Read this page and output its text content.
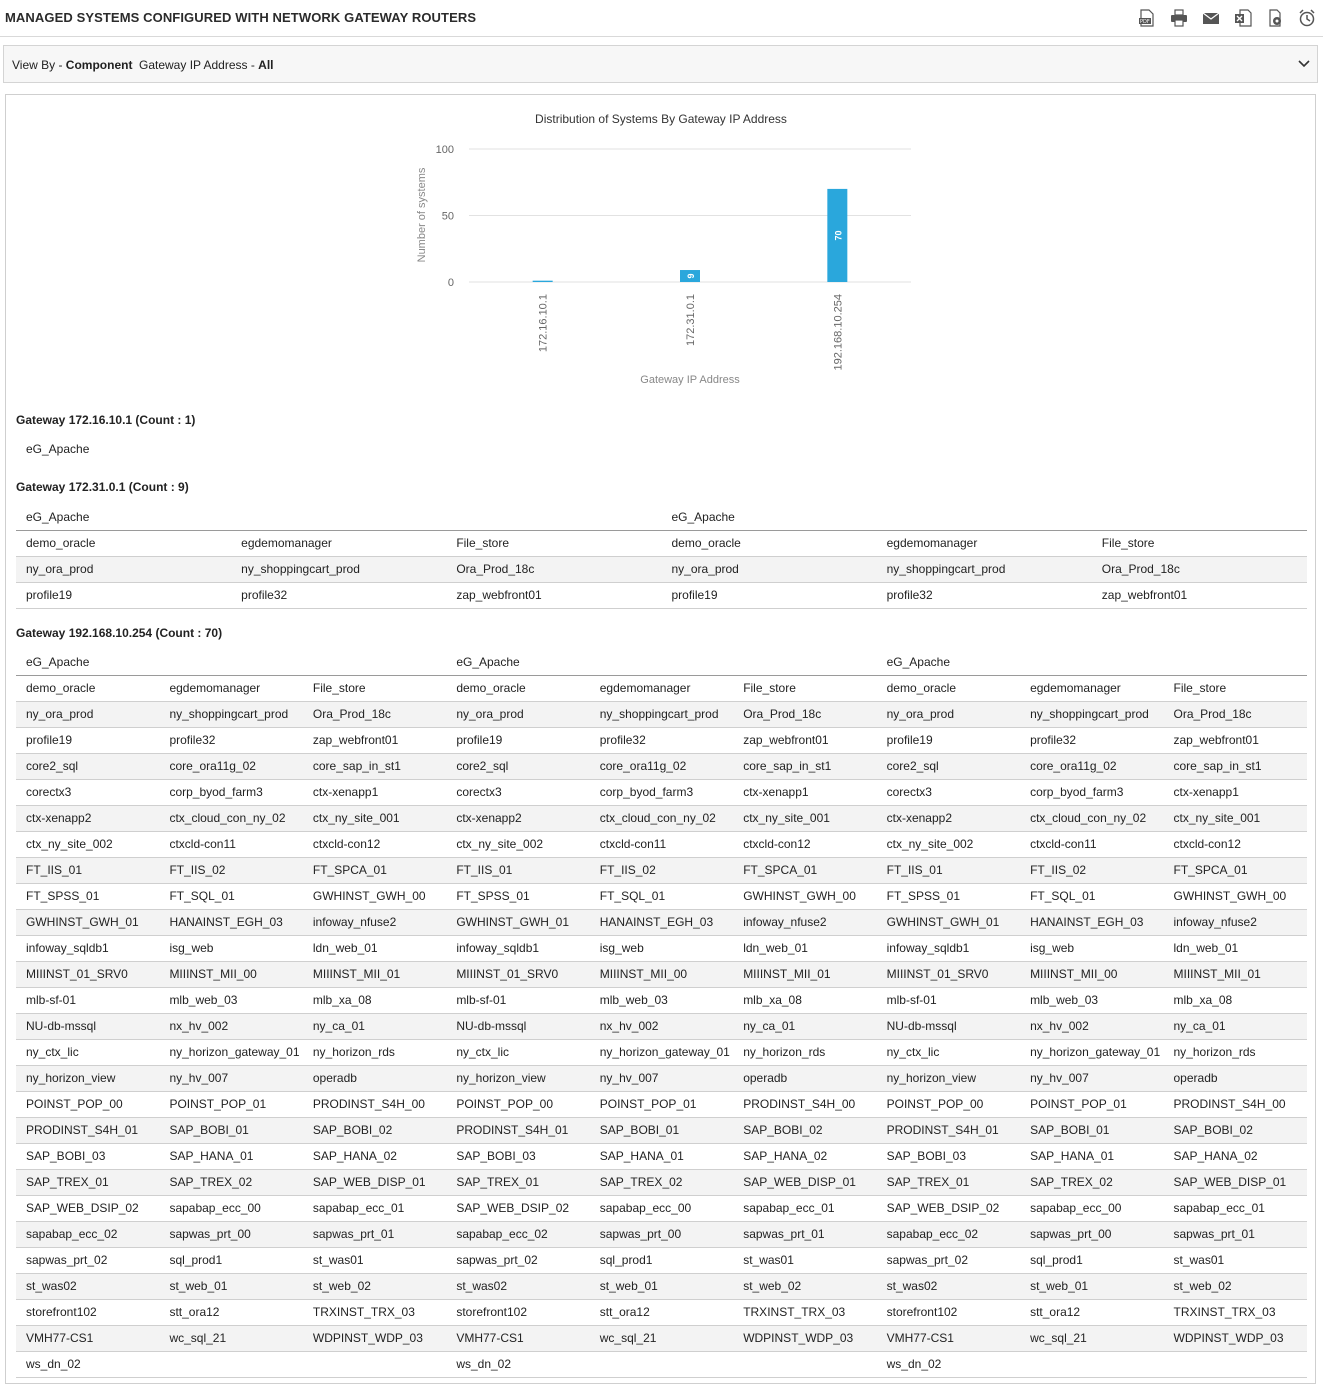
MANAGED SYSTEMS CONFIGURED WITH NETWORK GATEWAY ROUTERS	PDF
View By - Component Gateway IP Address - All
Distribution of Systems By Gateway IP Address
0
50
100
Number of systems
172.16.10.1
9
172.31.0.1
70
192.168.10.254
Gateway IP Address
Gateway 172.16.10.1 (Count : 1)
eG_Apache
Gateway 172.31.0.1 (Count : 9)
eG_Apache			eG_Apache		
demo_oracle	egdemomanager	File_store	demo_oracle	egdemomanager	File_store
ny_ora_prod	ny_shoppingcart_prod	Ora_Prod_18c	ny_ora_prod	ny_shoppingcart_prod	Ora_Prod_18c
profile19	profile32	zap_webfront01	profile19	profile32	zap_webfront01
Gateway 192.168.10.254 (Count : 70)
eG_Apache			eG_Apache			eG_Apache		
demo_oracle	egdemomanager	File_store	demo_oracle	egdemomanager	File_store	demo_oracle	egdemomanager	File_store
ny_ora_prod	ny_shoppingcart_prod	Ora_Prod_18c	ny_ora_prod	ny_shoppingcart_prod	Ora_Prod_18c	ny_ora_prod	ny_shoppingcart_prod	Ora_Prod_18c
profile19	profile32	zap_webfront01	profile19	profile32	zap_webfront01	profile19	profile32	zap_webfront01
core2_sql	core_ora11g_02	core_sap_in_st1	core2_sql	core_ora11g_02	core_sap_in_st1	core2_sql	core_ora11g_02	core_sap_in_st1
corectx3	corp_byod_farm3	ctx-xenapp1	corectx3	corp_byod_farm3	ctx-xenapp1	corectx3	corp_byod_farm3	ctx-xenapp1
ctx-xenapp2	ctx_cloud_con_ny_02	ctx_ny_site_001	ctx-xenapp2	ctx_cloud_con_ny_02	ctx_ny_site_001	ctx-xenapp2	ctx_cloud_con_ny_02	ctx_ny_site_001
ctx_ny_site_002	ctxcld-con11	ctxcld-con12	ctx_ny_site_002	ctxcld-con11	ctxcld-con12	ctx_ny_site_002	ctxcld-con11	ctxcld-con12
FT_IIS_01	FT_IIS_02	FT_SPCA_01	FT_IIS_01	FT_IIS_02	FT_SPCA_01	FT_IIS_01	FT_IIS_02	FT_SPCA_01
FT_SPSS_01	FT_SQL_01	GWHINST_GWH_00	FT_SPSS_01	FT_SQL_01	GWHINST_GWH_00	FT_SPSS_01	FT_SQL_01	GWHINST_GWH_00
GWHINST_GWH_01	HANAINST_EGH_03	infoway_nfuse2	GWHINST_GWH_01	HANAINST_EGH_03	infoway_nfuse2	GWHINST_GWH_01	HANAINST_EGH_03	infoway_nfuse2
infoway_sqldb1	isg_web	ldn_web_01	infoway_sqldb1	isg_web	ldn_web_01	infoway_sqldb1	isg_web	ldn_web_01
MIIINST_01_SRV0	MIIINST_MII_00	MIIINST_MII_01	MIIINST_01_SRV0	MIIINST_MII_00	MIIINST_MII_01	MIIINST_01_SRV0	MIIINST_MII_00	MIIINST_MII_01
mlb-sf-01	mlb_web_03	mlb_xa_08	mlb-sf-01	mlb_web_03	mlb_xa_08	mlb-sf-01	mlb_web_03	mlb_xa_08
NU-db-mssql	nx_hv_002	ny_ca_01	NU-db-mssql	nx_hv_002	ny_ca_01	NU-db-mssql	nx_hv_002	ny_ca_01
ny_ctx_lic	ny_horizon_gateway_01	ny_horizon_rds	ny_ctx_lic	ny_horizon_gateway_01	ny_horizon_rds	ny_ctx_lic	ny_horizon_gateway_01	ny_horizon_rds
ny_horizon_view	ny_hv_007	operadb	ny_horizon_view	ny_hv_007	operadb	ny_horizon_view	ny_hv_007	operadb
POINST_POP_00	POINST_POP_01	PRODINST_S4H_00	POINST_POP_00	POINST_POP_01	PRODINST_S4H_00	POINST_POP_00	POINST_POP_01	PRODINST_S4H_00
PRODINST_S4H_01	SAP_BOBI_01	SAP_BOBI_02	PRODINST_S4H_01	SAP_BOBI_01	SAP_BOBI_02	PRODINST_S4H_01	SAP_BOBI_01	SAP_BOBI_02
SAP_BOBI_03	SAP_HANA_01	SAP_HANA_02	SAP_BOBI_03	SAP_HANA_01	SAP_HANA_02	SAP_BOBI_03	SAP_HANA_01	SAP_HANA_02
SAP_TREX_01	SAP_TREX_02	SAP_WEB_DISP_01	SAP_TREX_01	SAP_TREX_02	SAP_WEB_DISP_01	SAP_TREX_01	SAP_TREX_02	SAP_WEB_DISP_01
SAP_WEB_DSIP_02	sapabap_ecc_00	sapabap_ecc_01	SAP_WEB_DSIP_02	sapabap_ecc_00	sapabap_ecc_01	SAP_WEB_DSIP_02	sapabap_ecc_00	sapabap_ecc_01
sapabap_ecc_02	sapwas_prt_00	sapwas_prt_01	sapabap_ecc_02	sapwas_prt_00	sapwas_prt_01	sapabap_ecc_02	sapwas_prt_00	sapwas_prt_01
sapwas_prt_02	sql_prod1	st_was01	sapwas_prt_02	sql_prod1	st_was01	sapwas_prt_02	sql_prod1	st_was01
st_was02	st_web_01	st_web_02	st_was02	st_web_01	st_web_02	st_was02	st_web_01	st_web_02
storefront102	stt_ora12	TRXINST_TRX_03	storefront102	stt_ora12	TRXINST_TRX_03	storefront102	stt_ora12	TRXINST_TRX_03
VMH77-CS1	wc_sql_21	WDPINST_WDP_03	VMH77-CS1	wc_sql_21	WDPINST_WDP_03	VMH77-CS1	wc_sql_21	WDPINST_WDP_03
ws_dn_02			ws_dn_02			ws_dn_02		
